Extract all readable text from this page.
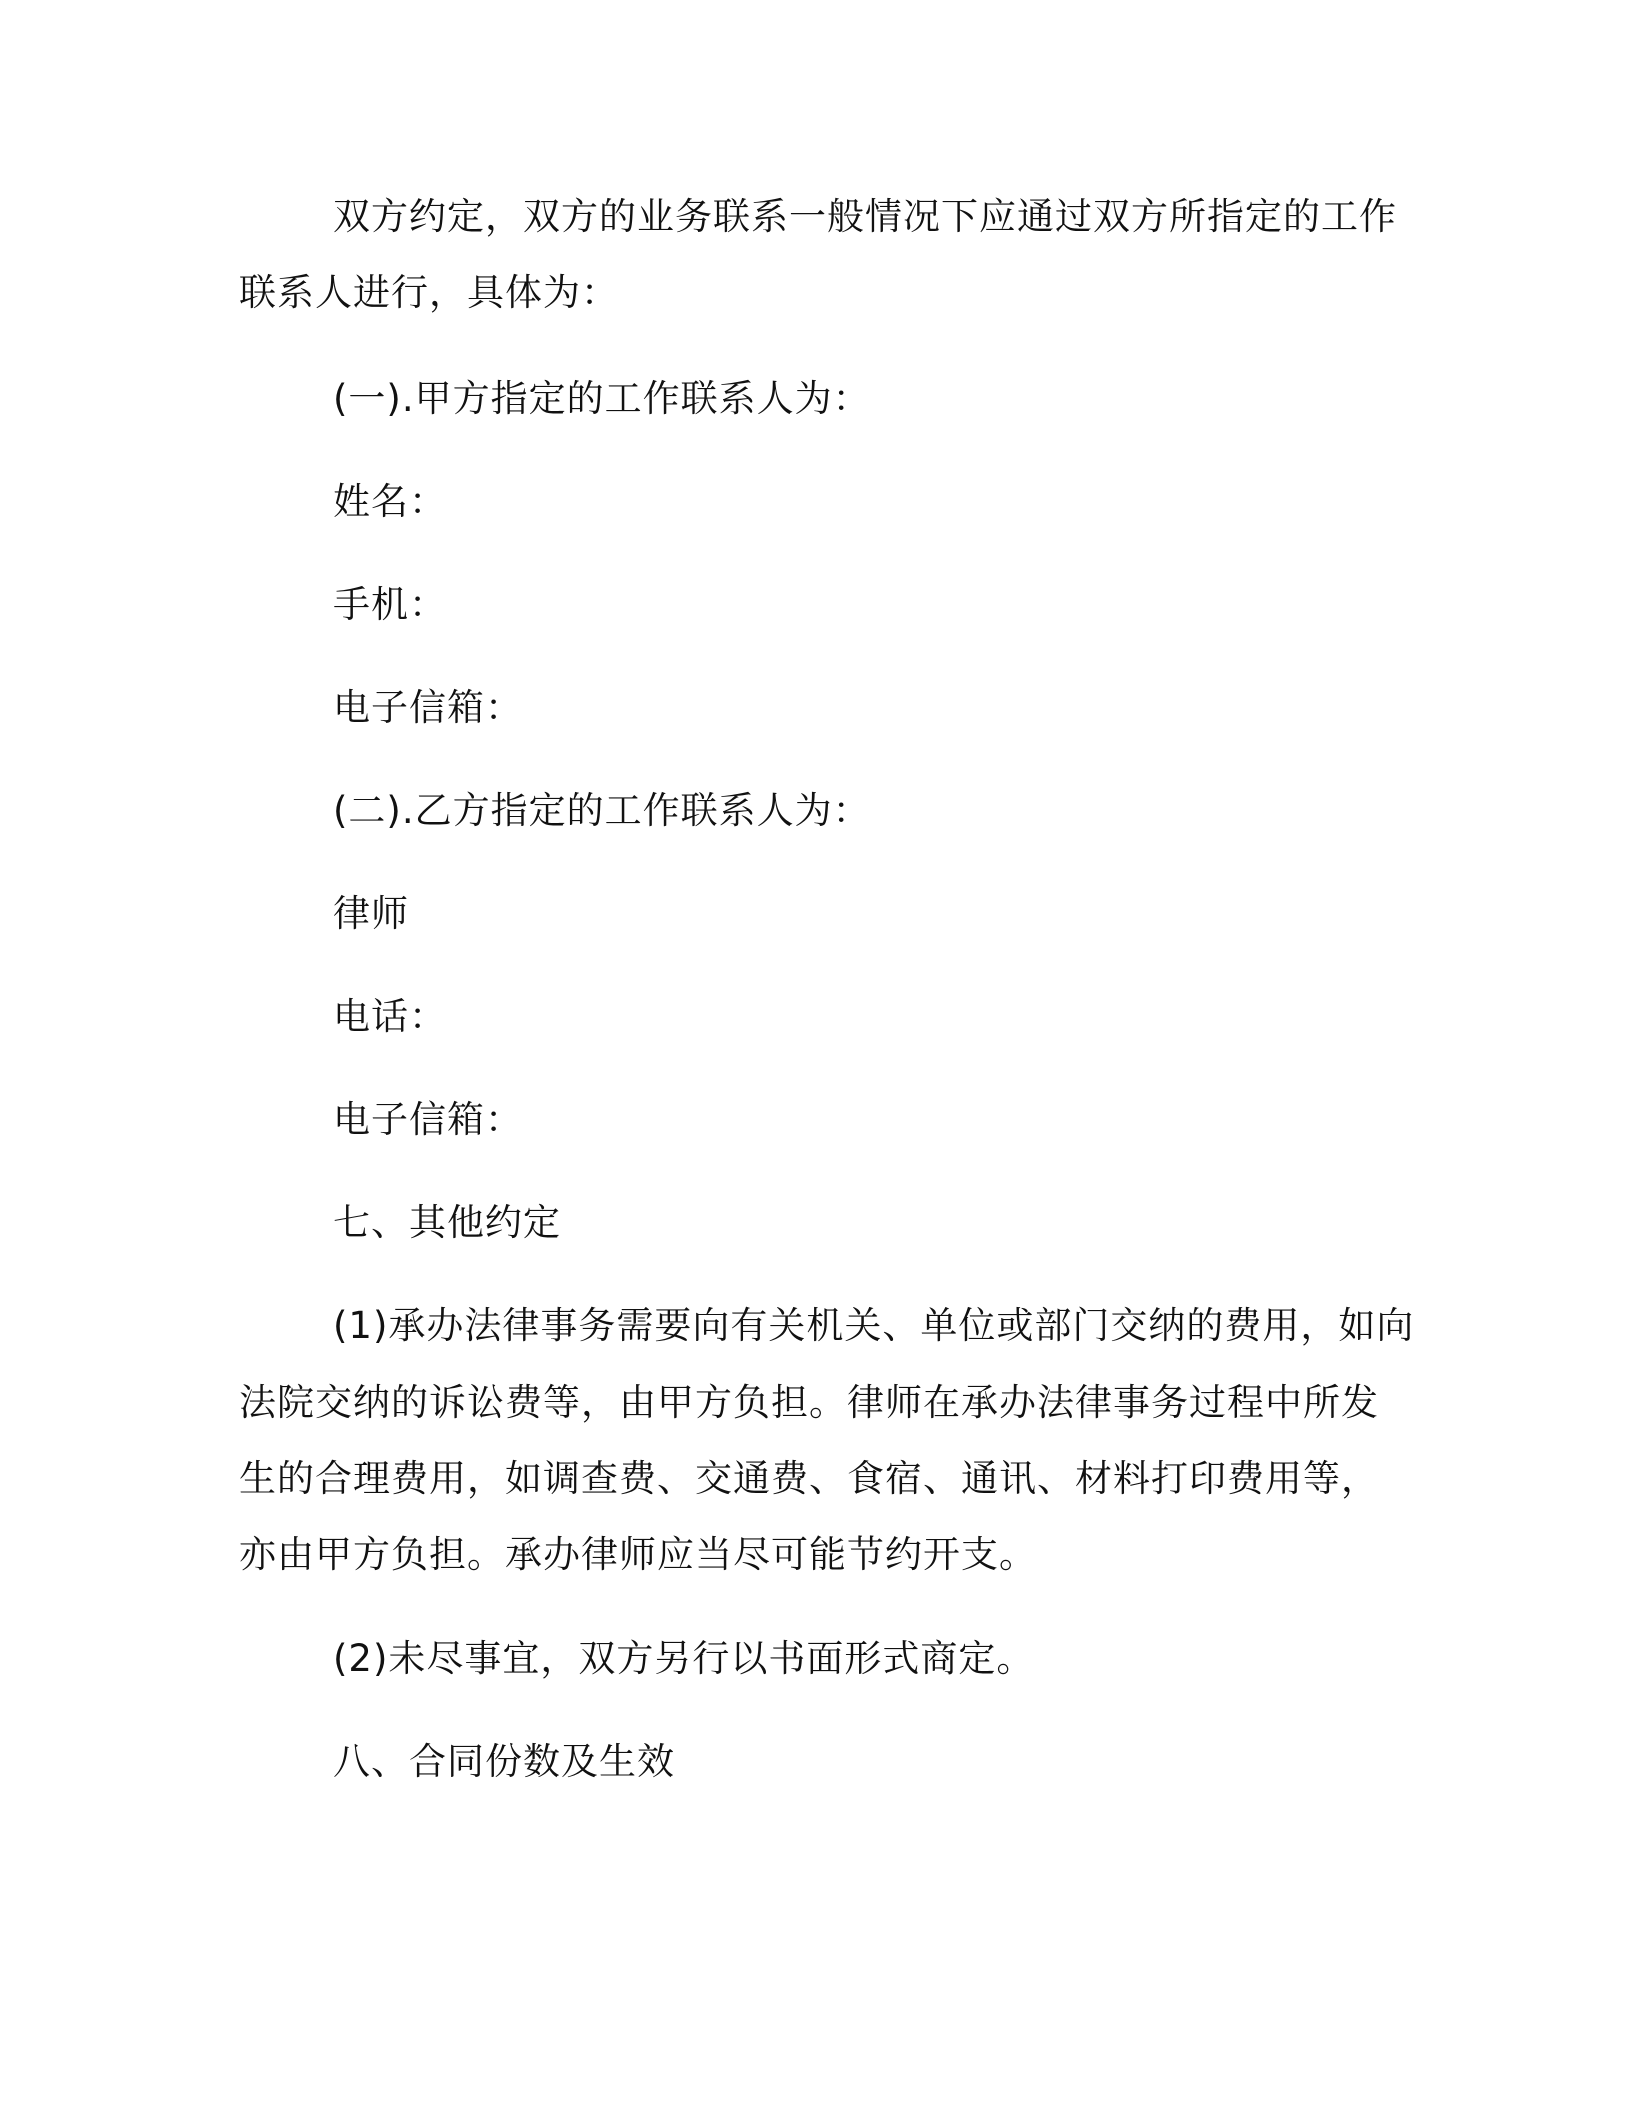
双方约定，双方的业务联系一般情况下应通过双方所指定的工作

联系人进行，具体为：

(一).甲方指定的工作联系人为：

姓名：

手机：

电子信箱：

(二).乙方指定的工作联系人为：

律师

电话：

电子信箱：

七、其他约定

(1)承办法律事务需要向有关机关、单位或部门交纳的费用，如向

法院交纳的诉讼费等，由甲方负担。律师在承办法律事务过程中所发

生的合理费用，如调查费、交通费、食宿、通讯、材料打印费用等，

亦由甲方负担。承办律师应当尽可能节约开支。

(2)未尽事宜，双方另行以书面形式商定。

八、合同份数及生效
